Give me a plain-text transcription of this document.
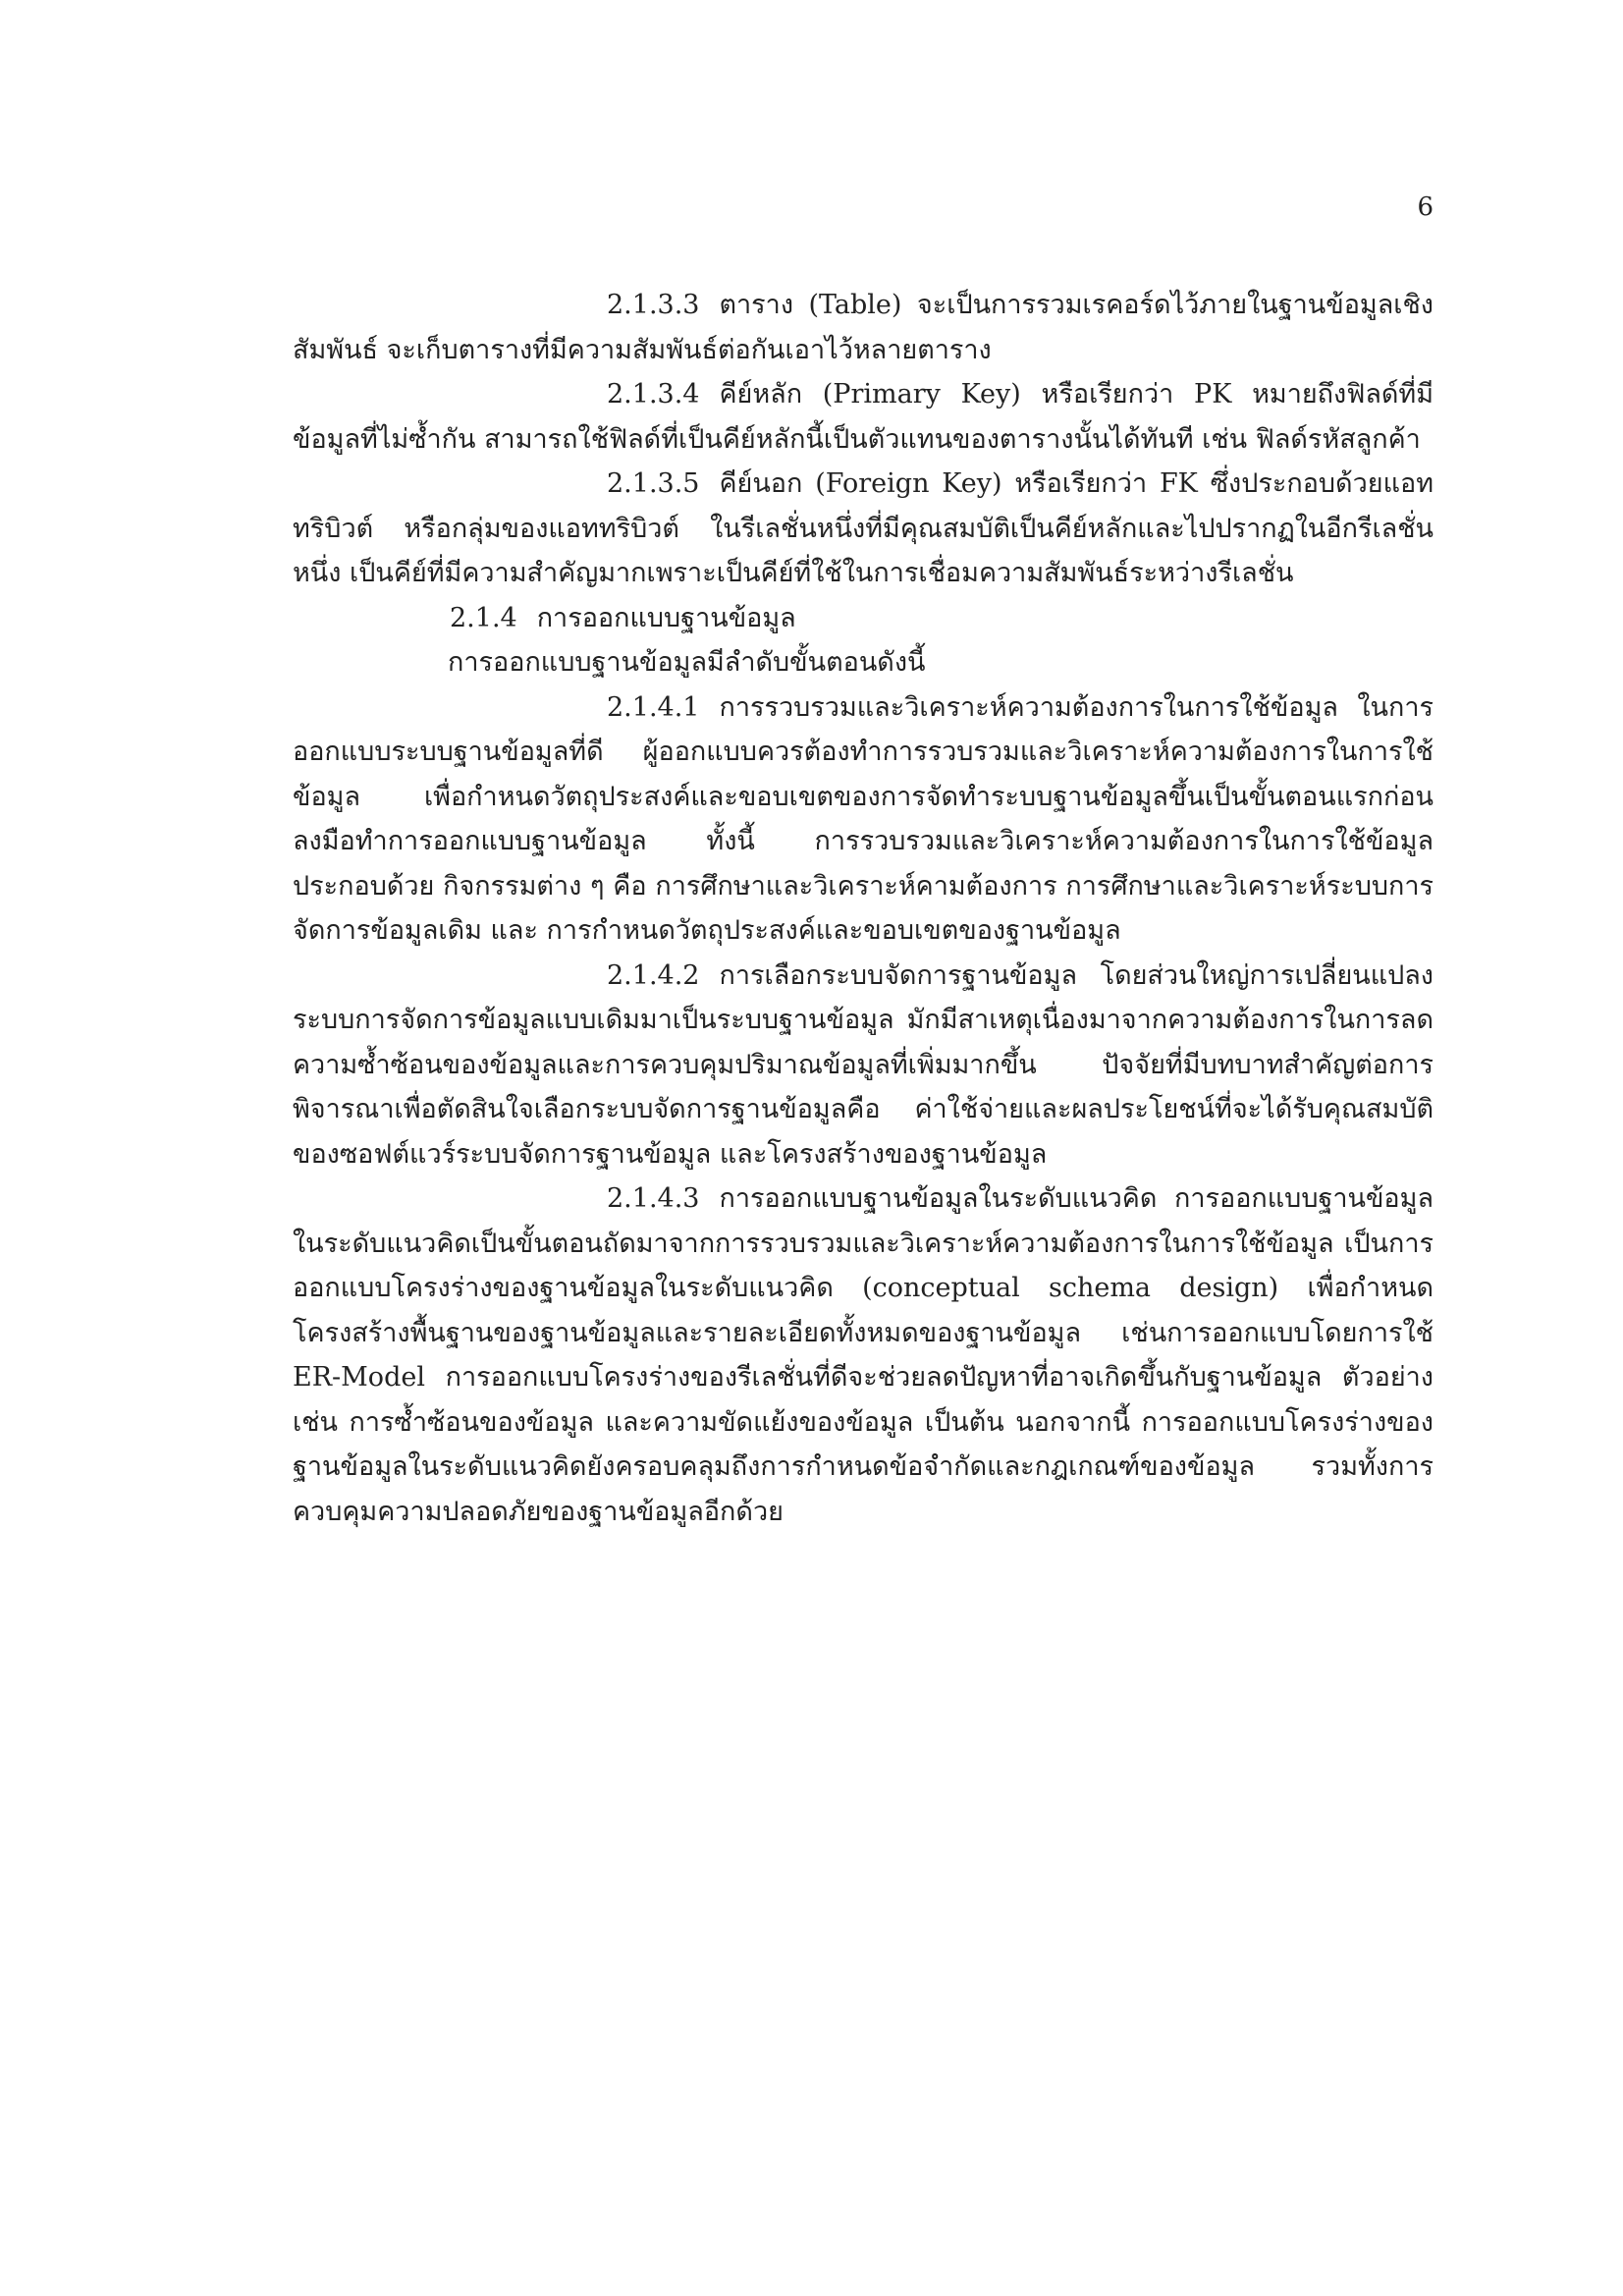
6

2.1.3.3 ตาราง (Table) จะเป็นการรวมเรคอร์ดไว้ภายในฐานข้อมูลเชิงสัมพันธ์ จะเก็บตารางที่มีความสัมพันธ์ต่อกันเอาไว้หลายตาราง

2.1.3.4 คีย์หลัก (Primary Key) หรือเรียกว่า PK หมายถึงฟิลด์ที่มีข้อมูลที่ไม่ซ้ำกัน สามารถใช้ฟิลด์ที่เป็นคีย์หลักนี้เป็นตัวแทนของตารางนั้นได้ทันที เช่น ฟิลด์รหัสลูกค้า

2.1.3.5 คีย์นอก (Foreign Key) หรือเรียกว่า FK ซึ่งประกอบด้วยแอททริบิวต์ หรือกลุ่มของแอททริบิวต์ ในรีเลชั่นหนึ่งที่มีคุณสมบัติเป็นคีย์หลักและไปปรากฏในอีกรีเลชั่นหนึ่ง เป็นคีย์ที่มีความสำคัญมากเพราะเป็นคีย์ที่ใช้ในการเชื่อมความสัมพันธ์ระหว่างรีเลชั่น

2.1.4 การออกแบบฐานข้อมูล

การออกแบบฐานข้อมูลมีลำดับขั้นตอนดังนี้

2.1.4.1 การรวบรวมและวิเคราะห์ความต้องการในการใช้ข้อมูล ในการออกแบบระบบฐานข้อมูลที่ดี ผู้ออกแบบควรต้องทำการรวบรวมและวิเคราะห์ความต้องการในการใช้ข้อมูล เพื่อกำหนดวัตถุประสงค์และขอบเขตของการจัดทำระบบฐานข้อมูลขึ้นเป็นขั้นตอนแรกก่อนลงมือทำการออกแบบฐานข้อมูล ทั้งนี้ การรวบรวมและวิเคราะห์ความต้องการในการใช้ข้อมูล ประกอบด้วย กิจกรรมต่าง ๆ คือ การศึกษาและวิเคราะห์คามต้องการ การศึกษาและวิเคราะห์ระบบการจัดการข้อมูลเดิม และ การกำหนดวัตถุประสงค์และขอบเขตของฐานข้อมูล

2.1.4.2 การเลือกระบบจัดการฐานข้อมูล โดยส่วนใหญ่การเปลี่ยนแปลงระบบการจัดการข้อมูลแบบเดิมมาเป็นระบบฐานข้อมูล มักมีสาเหตุเนื่องมาจากความต้องการในการลดความซ้ำซ้อนของข้อมูลและการควบคุมปริมาณข้อมูลที่เพิ่มมากขึ้น ปัจจัยที่มีบทบาทสำคัญต่อการพิจารณาเพื่อตัดสินใจเลือกระบบจัดการฐานข้อมูลคือ ค่าใช้จ่ายและผลประโยชน์ที่จะได้รับคุณสมบัติของซอฟต์แวร์ระบบจัดการฐานข้อมูล และโครงสร้างของฐานข้อมูล

2.1.4.3 การออกแบบฐานข้อมูลในระดับแนวคิด การออกแบบฐานข้อมูลในระดับแนวคิดเป็นขั้นตอนถัดมาจากการรวบรวมและวิเคราะห์ความต้องการในการใช้ข้อมูล เป็นการออกแบบโครงร่างของฐานข้อมูลในระดับแนวคิด (conceptual schema design) เพื่อกำหนดโครงสร้างพื้นฐานของฐานข้อมูลและรายละเอียดทั้งหมดของฐานข้อมูล เช่นการออกแบบโดยการใช้ ER-Model การออกแบบโครงร่างของรีเลชั่นที่ดีจะช่วยลดปัญหาที่อาจเกิดขึ้นกับฐานข้อมูล ตัวอย่างเช่น การซ้ำซ้อนของข้อมูล และความขัดแย้งของข้อมูล เป็นต้น นอกจากนี้ การออกแบบโครงร่างของฐานข้อมูลในระดับแนวคิดยังครอบคลุมถึงการกำหนดข้อจำกัดและกฎเกณฑ์ของข้อมูล รวมทั้งการควบคุมความปลอดภัยของฐานข้อมูลอีกด้วย
